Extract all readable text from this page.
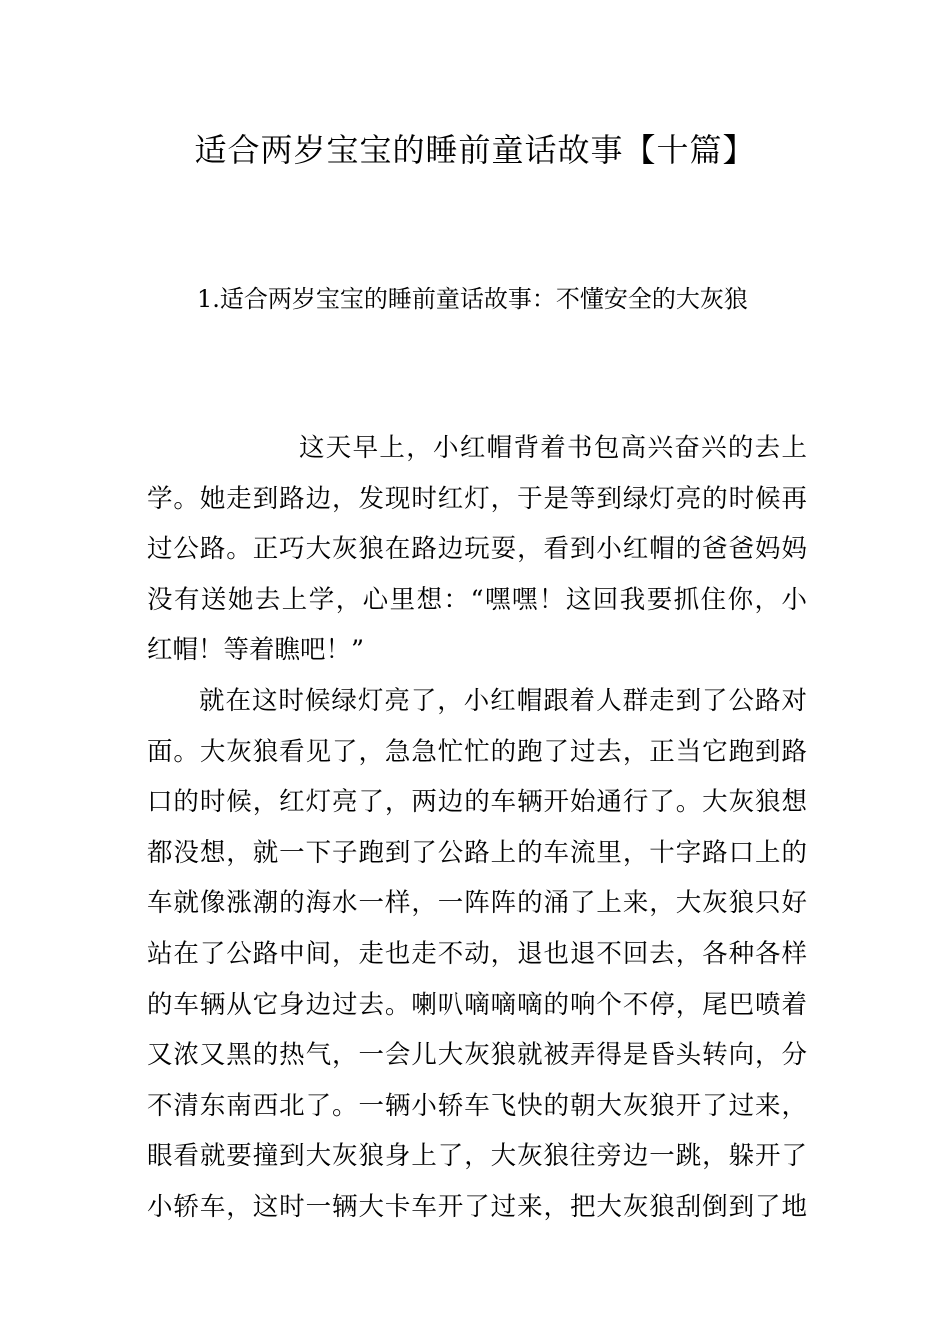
适合两岁宝宝的睡前童话故事【十篇】
1.适合两岁宝宝的睡前童话故事：不懂安全的大灰狼
这天早上，小红帽背着书包高兴奋兴的去上
学。她走到路边，发现时红灯，于是等到绿灯亮的时候再
过公路。正巧大灰狼在路边玩耍，看到小红帽的爸爸妈妈
没有送她去上学，心里想：“嘿嘿！这回我要抓住你，小
红帽！等着瞧吧！”
就在这时候绿灯亮了，小红帽跟着人群走到了公路对
面。大灰狼看见了，急急忙忙的跑了过去，正当它跑到路
口的时候，红灯亮了，两边的车辆开始通行了。大灰狼想
都没想，就一下子跑到了公路上的车流里，十字路口上的
车就像涨潮的海水一样，一阵阵的涌了上来，大灰狼只好
站在了公路中间，走也走不动，退也退不回去，各种各样
的车辆从它身边过去。喇叭嘀嘀嘀的响个不停，尾巴喷着
又浓又黑的热气，一会儿大灰狼就被弄得是昏头转向，分
不清东南西北了。一辆小轿车飞快的朝大灰狼开了过来，
眼看就要撞到大灰狼身上了，大灰狼往旁边一跳，躲开了
小轿车，这时一辆大卡车开了过来，把大灰狼刮倒到了地
